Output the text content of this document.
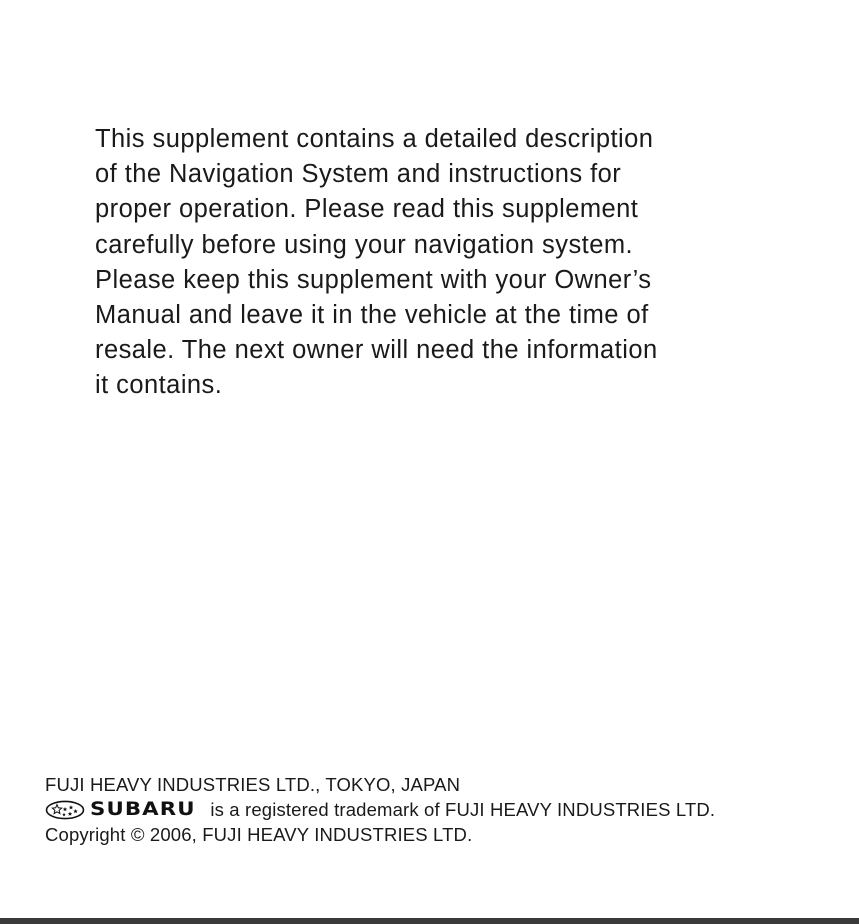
This supplement contains a detailed description
of the Navigation System and instructions for
proper operation. Please read this supplement
carefully before using your navigation system.
Please keep this supplement with your Owner’s
Manual and leave it in the vehicle at the time of
resale. The next owner will need the information
it contains.
FUJI HEAVY INDUSTRIES LTD., TOKYO, JAPAN
SUBARU is a registered trademark of FUJI HEAVY INDUSTRIES LTD.
Copyright © 2006, FUJI HEAVY INDUSTRIES LTD.
